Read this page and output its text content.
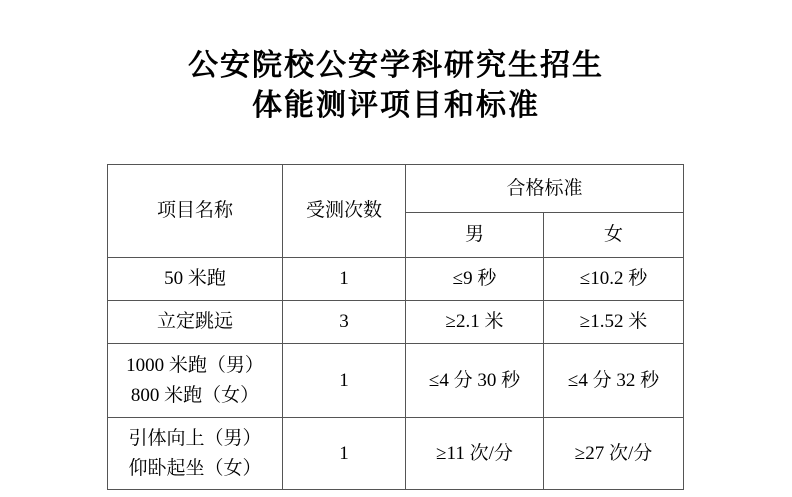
公安院校公安学科研究生招生
体能测评项目和标准
项目名称	受测次数	合格标准	
		男	女

50 米跑	1	≤9 秒	≤10.2 秒

立定跳远	3	≥2.1 米	≥1.52 米

1000 米跑（男）
800 米跑（女）	1	≤4 分 30 秒	≤4 分 32 秒

引体向上（男）
仰卧起坐（女）	1	≥11 次/分	≥27 次/分
